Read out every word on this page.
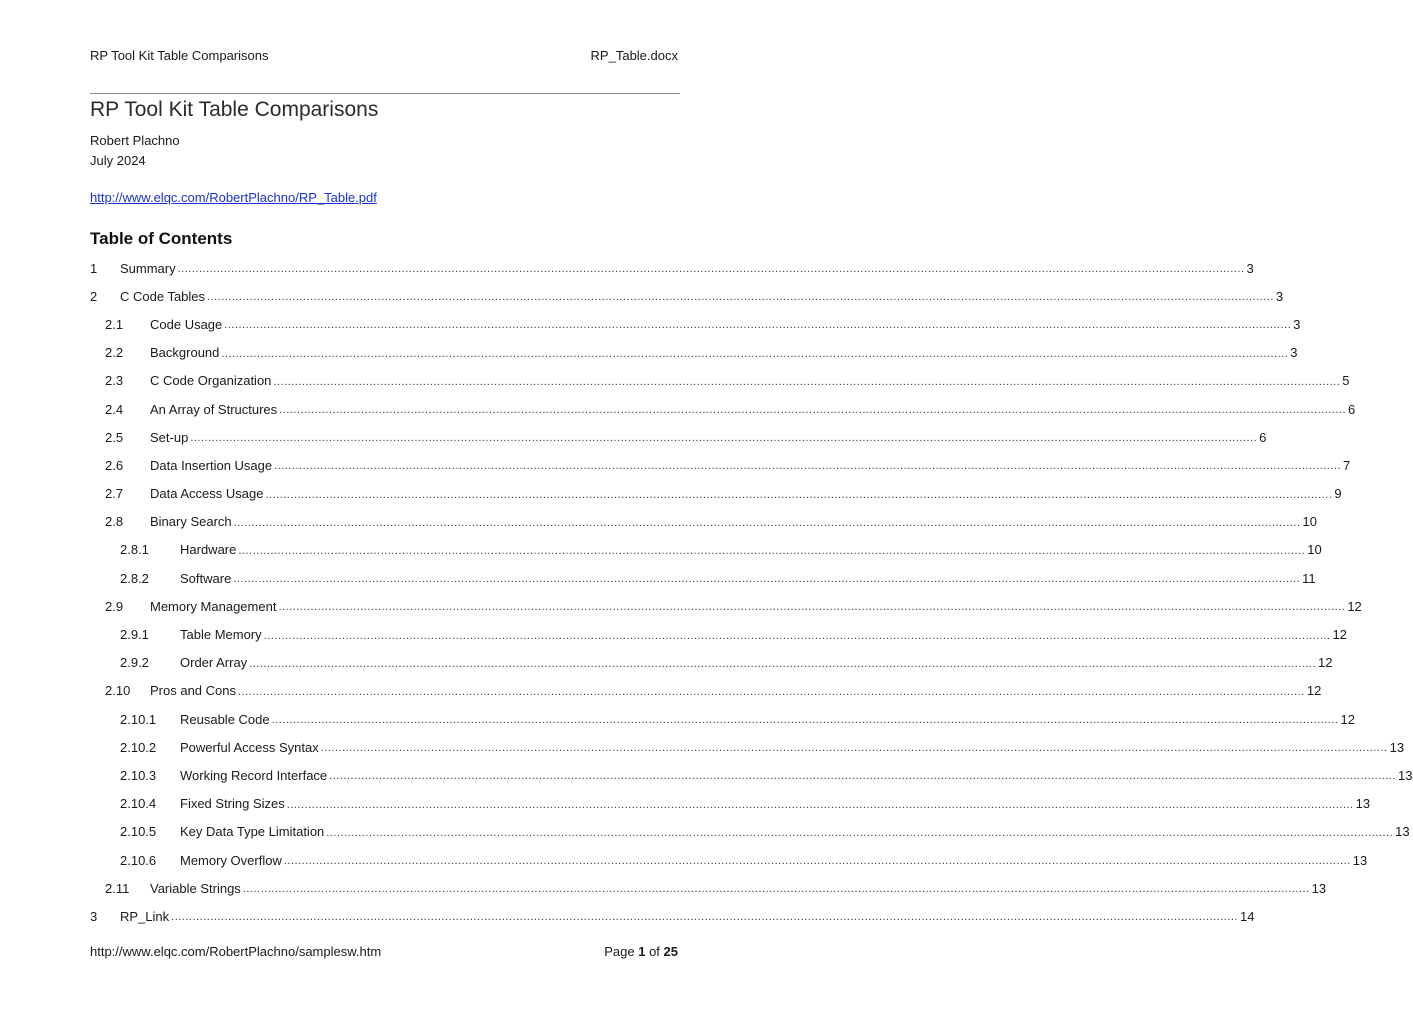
RP Tool Kit Table Comparisons	RP_Table.docx
RP Tool Kit Table Comparisons
Robert Plachno
July 2024
http://www.elqc.com/RobertPlachno/RP_Table.pdf
Table of Contents
1	Summary ............................................................................................................................................................................................................................................................................................................ 3
2	C Code Tables ............................................................................................................................................................................................................................................................................................................ 3
2.1	Code Usage ............................................................................................................................................................................................................................................................................................................ 3
2.2	Background ............................................................................................................................................................................................................................................................................................................ 3
2.3	C Code Organization ............................................................................................................................................................................................................................................................................................................ 5
2.4	An Array of Structures ............................................................................................................................................................................................................................................................................................................ 6
2.5	Set-up ............................................................................................................................................................................................................................................................................................................ 6
2.6	Data Insertion Usage ............................................................................................................................................................................................................................................................................................................ 7
2.7	Data Access Usage ............................................................................................................................................................................................................................................................................................................ 9
2.8	Binary Search ............................................................................................................................................................................................................................................................................................................ 10
2.8.1	Hardware ............................................................................................................................................................................................................................................................................................................ 10
2.8.2	Software ............................................................................................................................................................................................................................................................................................................ 11
2.9	Memory Management ............................................................................................................................................................................................................................................................................................................ 12
2.9.1	Table Memory ............................................................................................................................................................................................................................................................................................................ 12
2.9.2	Order Array ............................................................................................................................................................................................................................................................................................................ 12
2.10	Pros and Cons ............................................................................................................................................................................................................................................................................................................ 12
2.10.1	Reusable Code ............................................................................................................................................................................................................................................................................................................ 12
2.10.2	Powerful Access Syntax ............................................................................................................................................................................................................................................................................................................ 13
2.10.3	Working Record Interface ............................................................................................................................................................................................................................................................................................................ 13
2.10.4	Fixed String Sizes ............................................................................................................................................................................................................................................................................................................ 13
2.10.5	Key Data Type Limitation ............................................................................................................................................................................................................................................................................................................ 13
2.10.6	Memory Overflow ............................................................................................................................................................................................................................................................................................................ 13
2.11	Variable Strings ............................................................................................................................................................................................................................................................................................................ 13
3	RP_Link ............................................................................................................................................................................................................................................................................................................ 14
http://www.elqc.com/RobertPlachno/samplesw.htm	Page 1 of 25
